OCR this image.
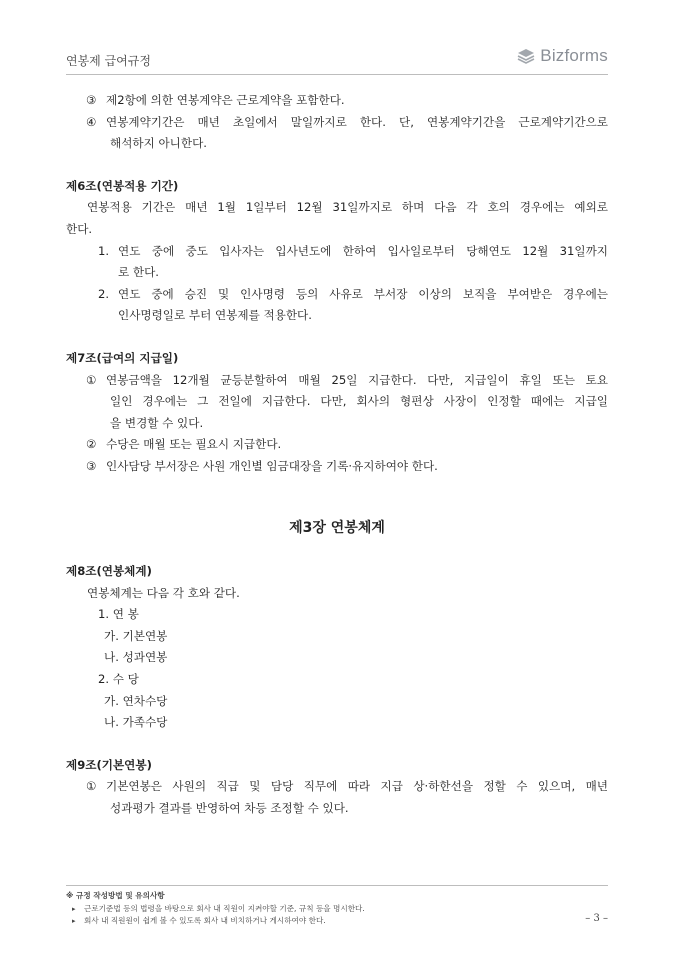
연봉제 급여규정	Bizforms
③ 제2항에 의한 연봉계약은 근로계약을 포함한다.
④ 연봉계약기간은 매년 초일에서 말일까지로 한다. 단, 연봉계약기간을 근로계약기간으로
해석하지 아니한다.
제6조(연봉적용 기간)
연봉적용 기간은 매년 1월 1일부터 12월 31일까지로 하며 다음 각 호의 경우에는 예외로
한다.
1. 연도 중에 중도 입사자는 입사년도에 한하여 입사일로부터 당해연도 12월 31일까지
로 한다.
2. 연도 중에 승진 및 인사명령 등의 사유로 부서장 이상의 보직을 부여받은 경우에는
인사명령일로 부터 연봉제를 적용한다.
제7조(급여의 지급일)
① 연봉금액을 12개월 균등분할하여 매월 25일 지급한다. 다만, 지급일이 휴일 또는 토요
일인 경우에는 그 전일에 지급한다. 다만, 회사의 형편상 사장이 인정할 때에는 지급일
을 변경할 수 있다.
② 수당은 매월 또는 필요시 지급한다.
③ 인사담당 부서장은 사원 개인별 임금대장을 기록·유지하여야 한다.
제3장 연봉체계
제8조(연봉체계)
연봉체계는 다음 각 호와 같다.
1. 연 봉
가. 기본연봉
나. 성과연봉
2. 수 당
가. 연차수당
나. 가족수당
제9조(기본연봉)
① 기본연봉은 사원의 직급 및 담당 직무에 따라 지급 상·하한선을 정할 수 있으며, 매년
성과평가 결과를 반영하여 차등 조정할 수 있다.
※ 규정 작성방법 및 유의사항
▸ 근로기준법 등의 법령을 바탕으로 회사 내 직원이 지켜야할 기준, 규칙 등을 명시한다.
▸ 회사 내 직원원이 쉽게 볼 수 있도록 회사 내 비치하거나 게시하여야 한다.	– 3 –
